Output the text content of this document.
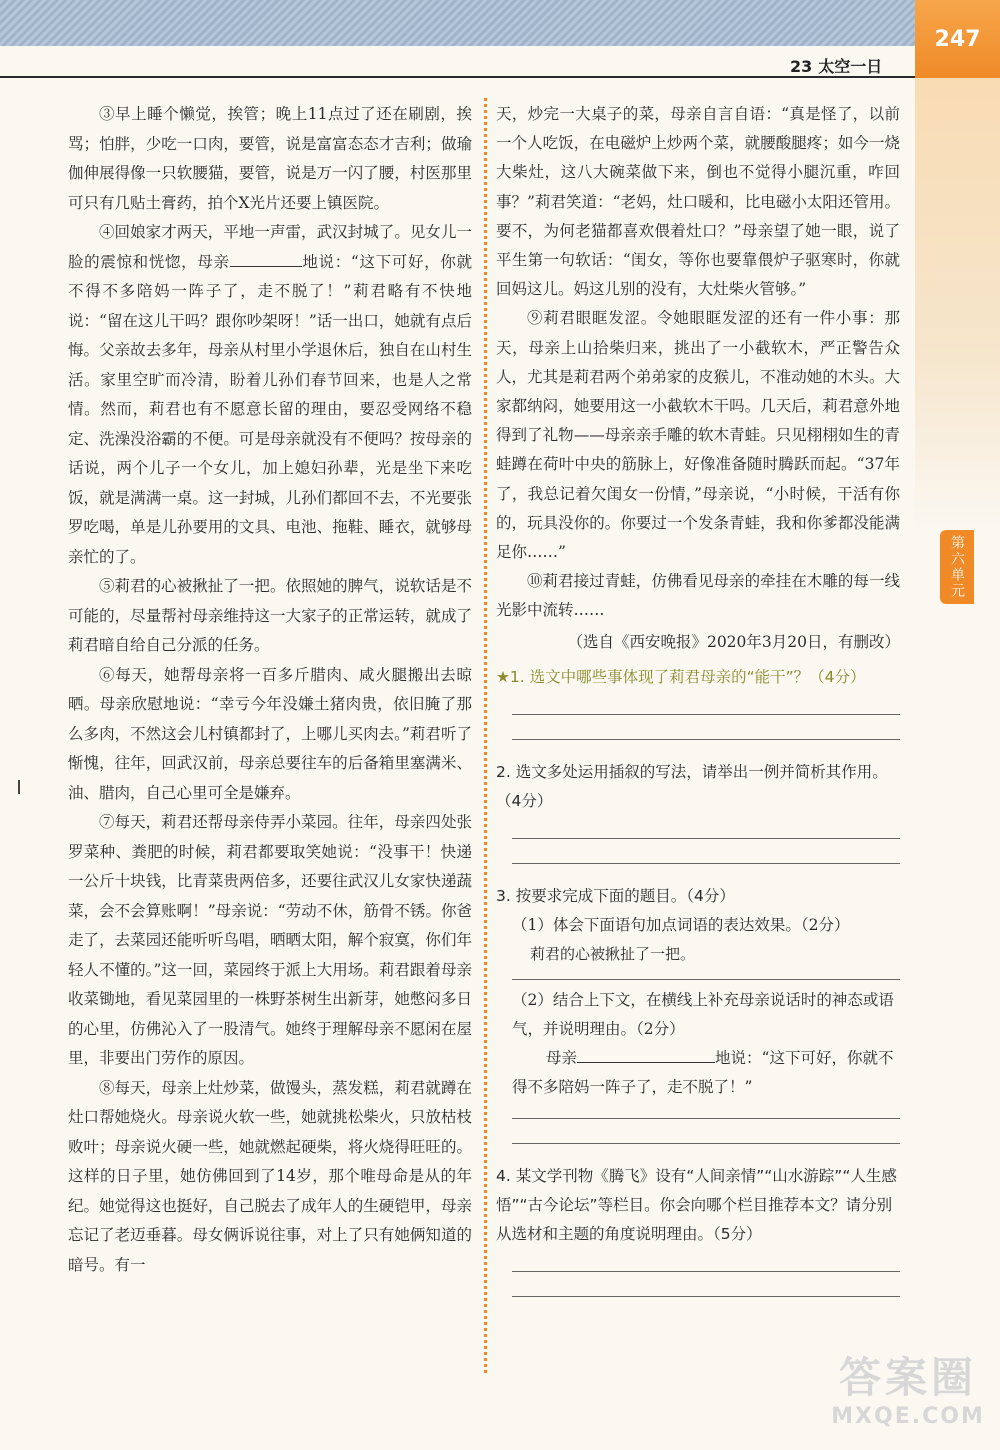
23 太空一日
247
第六单元

③早上睡个懒觉，挨管；晚上11点过了还在刷剧，挨骂；怕胖，少吃一口肉，要管，说是富富态态才吉利；做瑜伽伸展得像一只软腰猫，要管，说是万一闪了腰，村医那里可只有几贴土膏药，拍个X光片还要上镇医院。

④回娘家才两天，平地一声雷，武汉封城了。见女儿一脸的震惊和恍惚，母亲	地说：“这下可好，你就不得不多陪妈一阵子了，走不脱了！”莉君略有不快地说：“留在这儿干吗？跟你吵架呀！”话一出口，她就有点后悔。父亲故去多年，母亲从村里小学退休后，独自在山村生活。家里空旷而冷清，盼着儿孙们春节回来，也是人之常情。然而，莉君也有不愿意长留的理由，要忍受网络不稳定、洗澡没浴霸的不便。可是母亲就没有不便吗？按母亲的话说，两个儿子一个女儿，加上媳妇孙辈，光是坐下来吃饭，就是满满一桌。这一封城，儿孙们都回不去，不光要张罗吃喝，单是儿孙要用的文具、电池、拖鞋、睡衣，就够母亲忙的了。

⑤莉君的心被揪扯了一把。依照她的脾气，说软话是不可能的，尽量帮衬母亲维持这一大家子的正常运转，就成了莉君暗自给自己分派的任务。

⑥每天，她帮母亲将一百多斤腊肉、咸火腿搬出去晾晒。母亲欣慰地说：“幸亏今年没嫌土猪肉贵，依旧腌了那么多肉，不然这会儿村镇都封了，上哪儿买肉去。”莉君听了惭愧，往年，回武汉前，母亲总要往车的后备箱里塞满米、油、腊肉，自己心里可全是嫌弃。

⑦每天，莉君还帮母亲侍弄小菜园。往年，母亲四处张罗菜种、粪肥的时候，莉君都要取笑她说：“没事干！快递一公斤十块钱，比青菜贵两倍多，还要往武汉儿女家快递蔬菜，会不会算账啊！”母亲说：“劳动不休，筋骨不锈。你爸走了，去菜园还能听听鸟唱，晒晒太阳，解个寂寞，你们年轻人不懂的。”这一回，菜园终于派上大用场。莉君跟着母亲收菜锄地，看见菜园里的一株野茶树生出新芽，她憋闷多日的心里，仿佛沁入了一股清气。她终于理解母亲不愿闲在屋里，非要出门劳作的原因。

⑧每天，母亲上灶炒菜，做馒头，蒸发糕，莉君就蹲在灶口帮她烧火。母亲说火软一些，她就挑松柴火，只放枯枝败叶；母亲说火硬一些，她就燃起硬柴，将火烧得旺旺的。这样的日子里，她仿佛回到了14岁，那个唯母命是从的年纪。她觉得这也挺好，自己脱去了成年人的生硬铠甲，母亲忘记了老迈垂暮。母女俩诉说往事，对上了只有她俩知道的暗号。有一

天，炒完一大桌子的菜，母亲自言自语：“真是怪了，以前一个人吃饭，在电磁炉上炒两个菜，就腰酸腿疼；如今一烧大柴灶，这八大碗菜做下来，倒也不觉得小腿沉重，咋回事？”莉君笑道：“老妈，灶口暖和，比电磁小太阳还管用。要不，为何老猫都喜欢偎着灶口？”母亲望了她一眼，说了平生第一句软话：“闺女，等你也要靠偎炉子驱寒时，你就回妈这儿。妈这儿别的没有，大灶柴火管够。”

⑨莉君眼眶发涩。令她眼眶发涩的还有一件小事：那天，母亲上山拾柴归来，挑出了一小截软木，严正警告众人，尤其是莉君两个弟弟家的皮猴儿，不准动她的木头。大家都纳闷，她要用这一小截软木干吗。几天后，莉君意外地得到了礼物——母亲亲手雕的软木青蛙。只见栩栩如生的青蛙蹲在荷叶中央的筋脉上，好像准备随时腾跃而起。“37年了，我总记着欠闺女一份情，”母亲说，“小时候，干活有你的，玩具没你的。你要过一个发条青蛙，我和你爹都没能满足你……”

⑩莉君接过青蛙，仿佛看见母亲的牵挂在木雕的每一线光影中流转……

（选自《西安晚报》2020年3月20日，有删改）

★1. 选文中哪些事体现了莉君母亲的“能干”？（4分）
2. 选文多处运用插叙的写法，请举出一例并简析其作用。（4分）
3. 按要求完成下面的题目。（4分）
（1）体会下面语句加点词语的表达效果。（2分）
莉君的心被揪扯了一把。
（2）结合上下文，在横线上补充母亲说话时的神态或语气，并说明理由。（2分）
母亲	地说：“这下可好，你就不得不多陪妈一阵子了，走不脱了！”
4. 某文学刊物《腾飞》设有“人间亲情”“山水游踪”“人生感悟”“古今论坛”等栏目。你会向哪个栏目推荐本文？请分别从选材和主题的角度说明理由。（5分）
答案圈
MXQE.COM
